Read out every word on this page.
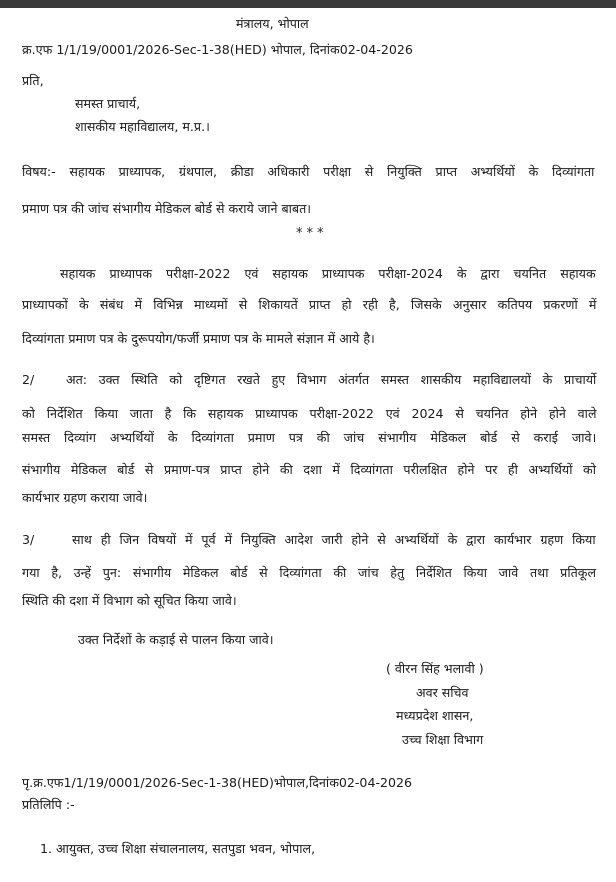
मंत्रालय, भोपाल
क्र.एफ 1/1/19/0001/2026-Sec-1-38(HED) भोपाल, दिनांक02-04-2026
प्रति,
समस्त प्राचार्य,
शासकीय महाविद्यालय, म.प्र.।
विषय:- सहायक प्राध्यापक, ग्रंथपाल, क्रीडा अधिकारी परीक्षा से नियुक्ति प्राप्त अभ्यर्थियों के दिव्यांगता
प्रमाण पत्र की जांच संभागीय मेडिकल बोर्ड से कराये जाने बाबत।
***
सहायक प्राध्यापक परीक्षा-2022 एवं सहायक प्राध्यापक परीक्षा-2024 के द्वारा चयनित सहायक
प्राध्यापकों के संबंध में विभिन्न माध्यमों से शिकायतें प्राप्त हो रही है, जिसके अनुसार कतिपय प्रकरणों में
दिव्यांगता प्रमाण पत्र के दुरूपयोग/फर्जी प्रमाण पत्र के मामले संज्ञान में आये है।
2/	अत: उक्त स्थिति को दृष्टिगत रखते हुए विभाग अंतर्गत समस्त शासकीय महाविद्यालयों के प्राचार्यो
को निर्देशित किया जाता है कि सहायक प्राध्यापक परीक्षा-2022 एवं 2024 से चयनित होने होने वाले
समस्त दिव्यांग अभ्यर्थियों के दिव्यांगता प्रमाण पत्र की जांच संभागीय मेडिकल बोर्ड से कराई जावे।
संभागीय मेडिकल बोर्ड से प्रमाण-पत्र प्राप्त होने की दशा में दिव्यांगता परीलक्षित होने पर ही अभ्यर्थियों को
कार्यभार ग्रहण कराया जावे।
3/	साथ ही जिन विषयों में पूर्व में नियुक्ति आदेश जारी होने से अभ्यर्थियों के द्वारा कार्यभार ग्रहण किया
गया है, उन्हें पुन: संभागीय मेडिकल बोर्ड से दिव्यांगता की जांच हेतु निर्देशित किया जावे तथा प्रतिकूल
स्थिति की दशा में विभाग को सूचित किया जावे।
उक्त निर्देशों के कड़ाई से पालन किया जावे।
( वीरन सिंह भलावी )
अवर सचिव
मध्यप्रदेश शासन,
उच्च शिक्षा विभाग
पृ.क्र.एफ1/1/19/0001/2026-Sec-1-38(HED)भोपाल,दिनांक02-04-2026
प्रतिलिपि :-
1. आयुक्त, उच्च शिक्षा संचालनालय, सतपुडा भवन, भोपाल,
